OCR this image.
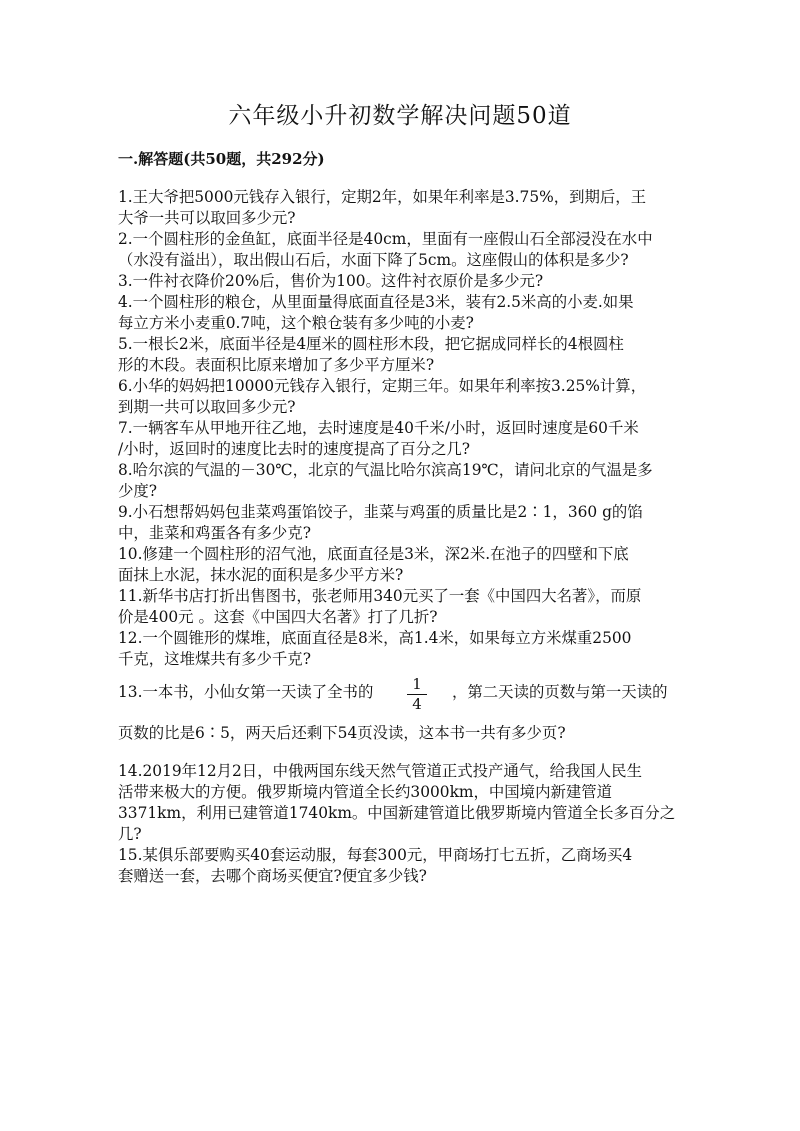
六年级小升初数学解决问题50道
一.解答题(共50题，共292分)
1.王大爷把5000元钱存入银行，定期2年，如果年利率是3.75%，到期后，王
大爷一共可以取回多少元?
2.一个圆柱形的金鱼缸，底面半径是40cm，里面有一座假山石全部浸没在水中
（水没有溢出），取出假山石后，水面下降了5cm。这座假山的体积是多少?
3.一件衬衣降价20%后，售价为100。这件衬衣原价是多少元?
4.一个圆柱形的粮仓，从里面量得底面直径是3米，装有2.5米高的小麦.如果
每立方米小麦重0.7吨，这个粮仓装有多少吨的小麦?
5.一根长2米，底面半径是4厘米的圆柱形木段，把它据成同样长的4根圆柱
形的木段。表面积比原来增加了多少平方厘米?
6.小华的妈妈把10000元钱存入银行，定期三年。如果年利率按3.25%计算，
到期一共可以取回多少元?
7.一辆客车从甲地开往乙地，去时速度是40千米/小时，返回时速度是60千米
/小时，返回时的速度比去时的速度提高了百分之几?
8.哈尔滨的气温的－30℃，北京的气温比哈尔滨高19℃，请问北京的气温是多
少度?
9.小石想帮妈妈包韭菜鸡蛋馅饺子，韭菜与鸡蛋的质量比是2∶1，360 g的馅
中，韭菜和鸡蛋各有多少克?
10.修建一个圆柱形的沼气池，底面直径是3米，深2米.在池子的四壁和下底
面抹上水泥，抹水泥的面积是多少平方米?
11.新华书店打折出售图书，张老师用340元买了一套《中国四大名著》，而原
价是400元 。这套《中国四大名著》打了几折?
12.一个圆锥形的煤堆，底面直径是8米，高1.4米，如果每立方米煤重2500
千克，这堆煤共有多少千克?
13.一本书，小仙女第一天读了全书的	1
4
，第二天读的页数与第一天读的
页数的比是6∶5，两天后还剩下54页没读，这本书一共有多少页?
14.2019年12月2日，中俄两国东线天然气管道正式投产通气，给我国人民生
活带来极大的方便。俄罗斯境内管道全长约3000km，中国境内新建管道
3371km，利用已建管道1740km。中国新建管道比俄罗斯境内管道全长多百分之
几?
15.某俱乐部要购买40套运动服，每套300元，甲商场打七五折，乙商场买4
套赠送一套，去哪个商场买便宜?便宜多少钱?
